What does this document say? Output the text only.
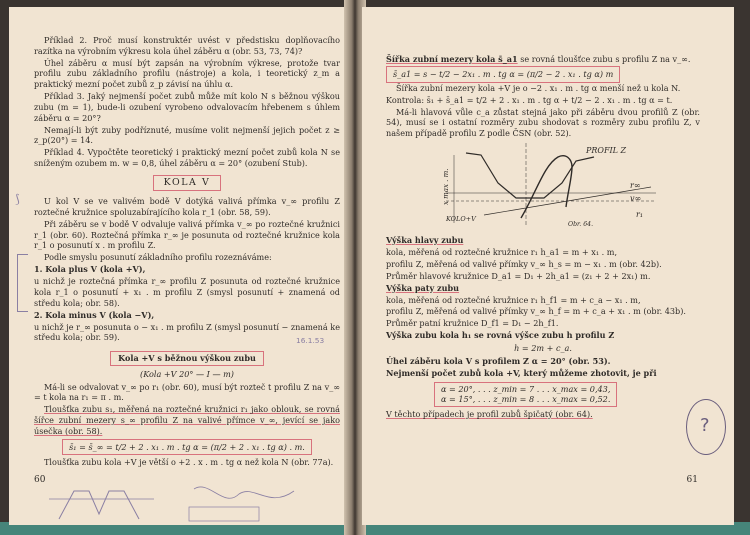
⟆

Příklad 2. Proč musí konstruktér uvést v předstisku doplňovacího razítka na výrobním výkresu kola úhel záběru α (obr. 53, 73, 74)?

Úhel záběru α musí být zapsán na výrobním výkrese, protože tvar profilu zubu základního profilu (nástroje) a kola, i teoretický z_m a praktický mezní počet zubů z_p závisí na úhlu α.

Příklad 3. Jaký nejmenší počet zubů může mít kolo N s běžnou výškou zubu (m = 1), bude-li ozubení vyrobeno odvalovacím hřebenem s úhlem záběru α = 20°?

Nemají-li být zuby podříznuté, musíme volit nejmenší jejich počet z ≥ z_p(20°) = 14.

Příklad 4. Vypočtěte teoretický i praktický mezní počet zubů kola N se sníženým ozubem m. w = 0,8, úhel záběru α = 20° (ozubení Stub).

KOLA V

U kol V se ve valivém bodě V dotýká valivá přímka v_∞ profilu Z roztečné kružnice spoluzabírajícího kola r_1 (obr. 58, 59).

Při záběru se v bodě V odvaluje valivá přímka v_∞ po roztečné kružnici r_1 (obr. 60). Roztečná přímka r_∞ je posunuta od roztečné kružnice kola r_1 o posunutí x . m profilu Z.

Podle smyslu posunutí základního profilu rozeznáváme:

1. Kola plus V (kola +V),

u nichž je roztečná přímka r_∞ profilu Z posunuta od roztečné kružnice kola r_1 o posunutí + x₁ . m profilu Z (smysl posunutí + znamená od středu kola; obr. 58).

2. Kola minus V (kola −V),

u nichž je r_∞ posunuta o − x₁ . m profilu Z (smysl posunutí − znamená ke středu kola; obr. 59).

Kola +V s běžnou výškou zubu
(Kola +V 20° — I — m)

Má-li se odvalovat v_∞ po r₁ (obr. 60), musí být rozteč t profilu Z na v_∞ = t kola na r₁ = π . m.

Tloušťka zubu s₁, měřená na roztečné kružnici r₁ jako oblouk, se rovná šířce zubní mezery s_∞ profilu Z na valivé přímce v_∞, jevící se jako úsečka (obr. 58).

s̄₁ = s̄_∞ = t/2 + 2 . x₁ . m . tg α = (π/2 + 2 . x₁ . tg α) . m.

Tloušťka zubu kola +V je větší o +2 . x . m . tg α než kola N (obr. 77a).

16.1.53
60

Šířka zubní mezery kola s̄_a1 se rovná tloušťce zubu s profilu Z na v_∞.

s̄_a1 = s − t/2 − 2x₁ . m . tg α = (π/2 − 2 . x₁ . tg α) m

Šířka zubní mezery kola +V je o −2 . x₁ . m . tg α menší než u kola N.

Kontrola: s̄₁ + s̄_a1 = t/2 + 2 . x₁ . m . tg α + t/2 − 2 . x₁ . m . tg α = t.

Má-li hlavová vůle c_a zůstat stejná jako při záběru dvou profilů Z (obr. 54), musí se i ostatní rozměry zubu shodovat s rozměry zubu profilu Z, v našem případě profilu Z podle ČSN (obr. 52).

PROFIL Z
KOLO+V
x max . m.	r∞
v∞
r₁
Obr. 64.

Výška hlavy zubu

kola, měřená od roztečné kružnice r₁ h_a1 = m + x₁ . m,

profilu Z, měřená od valivé přímky v_∞ h_s = m − x₁ . m (obr. 42b).

Průměr hlavové kružnice D_a1 = D₁ + 2h_a1 = (z₁ + 2 + 2x₁) m.

Výška paty zubu

kola, měřená od roztečné kružnice r₁ h_f1 = m + c_a − x₁ . m,

profilu Z, měřená od valivé přímky v_∞ h_f = m + c_a + x₁ . m (obr. 43b).

Průměr patní kružnice D_f1 = D₁ − 2h_f1.

Výška zubu kola h₁ se rovná výšce zubu h profilu Z

h = 2m + c_a.

Úhel záběru kola V s profilem Z α = 20° (obr. 53).

Nejmenší počet zubů kola +V, který můžeme zhotovit, je při

α = 20°, . . . z_min = 7 . . . x_max = 0,43,
α = 15°, . . . z_min = 8 . . . x_max = 0,52.

V těchto případech je profil zubů špičatý (obr. 64).

?
61
